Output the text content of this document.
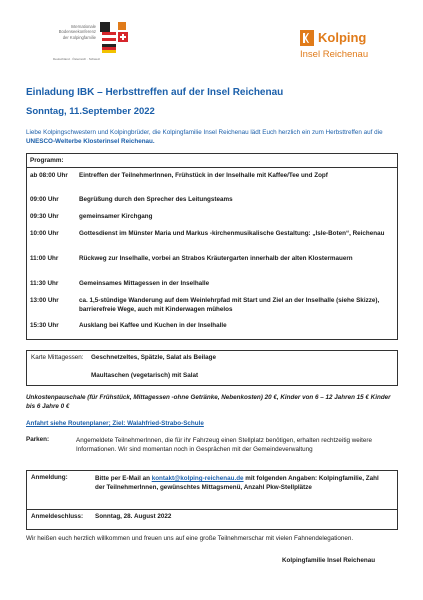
Internationale
Bodenseekonferenz
der Kolpingfamilie
Deutschland · Österreich · Schweiz
Kolping
Insel Reichenau
Einladung IBK – Herbsttreffen auf der Insel Reichenau
Sonntag, 11.September 2022
Liebe Kolpingschwestern und Kolpingbrüder, die Kolpingfamilie Insel Reichenau lädt Euch herzlich ein zum Herbsttreffen auf die UNESCO-Welterbe Klosterinsel Reichenau.
Programm:
ab 08:00 Uhr	Eintreffen der TeilnehmerInnen, Frühstück in der Inselhalle mit Kaffee/Tee und Zopf
09:00 Uhr	Begrüßung durch den Sprecher des Leitungsteams
09:30 Uhr	gemeinsamer Kirchgang
10:00 Uhr	Gottesdienst im Münster Maria und Markus -kirchenmusikalische Gestaltung: „Isle-Boten“, Reichenau
11:00 Uhr	Rückweg zur Inselhalle, vorbei an Strabos Kräutergarten innerhalb der alten Klostermauern
11:30 Uhr	Gemeinsames Mittagessen in der Inselhalle
13:00 Uhr	ca. 1,5-stündige Wanderung auf dem Weinlehrpfad mit Start und Ziel an der Inselhalle (siehe Skizze), barrierefreie Wege, auch mit Kinderwagen mühelos
15:30 Uhr	Ausklang bei Kaffee und Kuchen in der Inselhalle
Karte Mittagessen: Geschnetzeltes, Spätzle, Salat als Beilage
Maultaschen (vegetarisch) mit Salat
Unkostenpauschale (für Frühstück, Mittagessen -ohne Getränke, Nebenkosten) 20 €, Kinder von 6 – 12 Jahren 15 € Kinder bis 6 Jahre 0 €
Anfahrt siehe Routenplaner; Ziel: Walahfried-Strabo-Schule
Parken:	Angemeldete TeilnehmerInnen, die für ihr Fahrzeug einen Stellplatz benötigen, erhalten rechtzeitig weitere Informationen. Wir sind momentan noch in Gesprächen mit der Gemeindeverwaltung
Anmeldung:	Bitte per E-Mail an kontakt@kolping-reichenau.de mit folgenden Angaben: Kolpingfamilie, Zahl der TeilnehmerInnen, gewünschtes Mittagsmenü, Anzahl Pkw-Stellplätze
Anmeldeschluss: Sonntag, 28. August 2022
Wir heißen euch herzlich willkommen und freuen uns auf eine große Teilnehmerschar mit vielen Fahnendelegationen.
Kolpingfamilie Insel Reichenau
